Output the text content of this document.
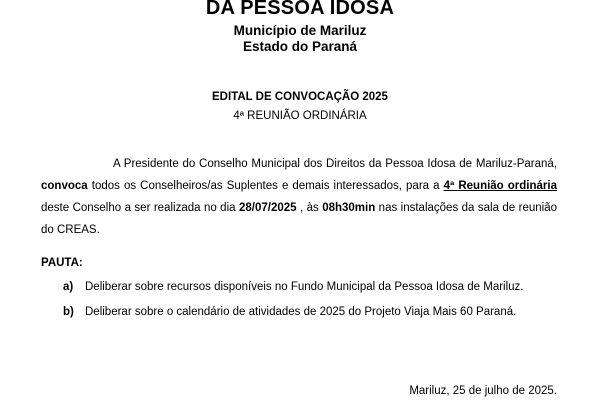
DA PESSOA IDOSA
Município de Mariluz
Estado do Paraná
EDITAL DE CONVOCAÇÃO 2025
4ª REUNIÃO ORDINÁRIA

A Presidente do Conselho Municipal dos Direitos da Pessoa Idosa de Mariluz-Paraná, convoca todos os Conselheiros/as Suplentes e demais interessados, para a 4ª Reunião ordinária deste Conselho a ser realizada no dia 28/07/2025 , às 08h30min nas instalações da sala de reunião do CREAS.

PAUTA:
a) Deliberar sobre recursos disponíveis no Fundo Municipal da Pessoa Idosa de Mariluz.
b) Deliberar sobre o calendário de atividades de 2025 do Projeto Viaja Mais 60 Paraná.
Mariluz, 25 de julho de 2025.
